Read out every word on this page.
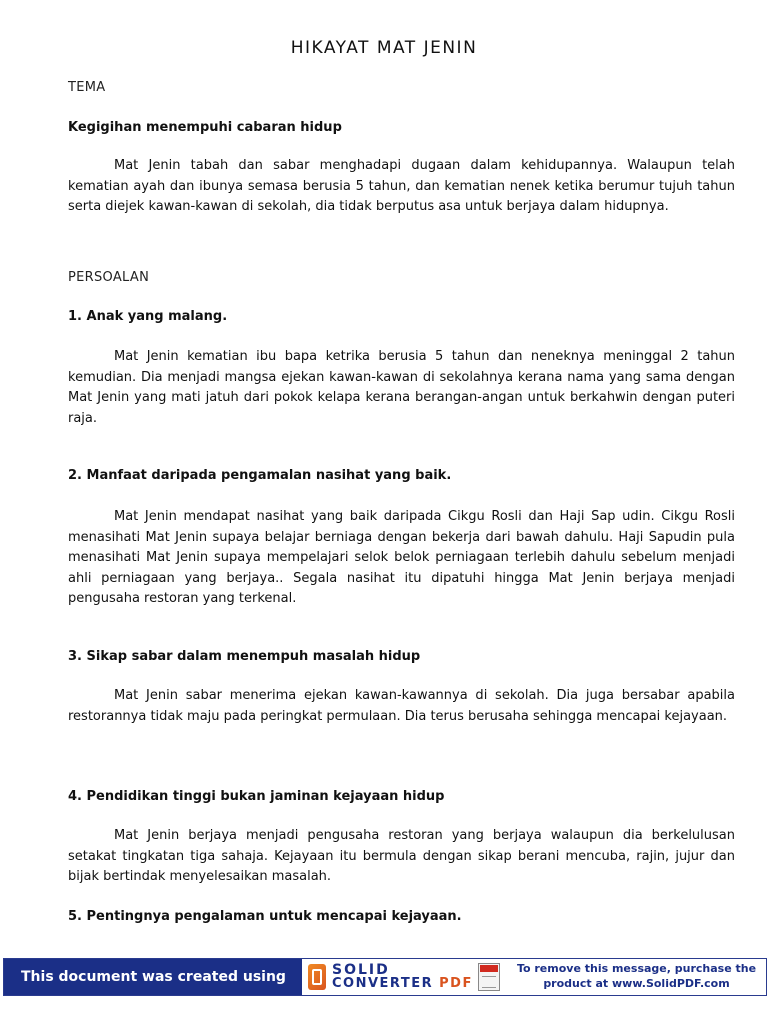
HIKAYAT MAT JENIN
TEMA
Kegigihan menempuhi cabaran hidup

Mat Jenin tabah dan sabar menghadapi dugaan dalam kehidupannya. Walaupun telah kematian ayah dan ibunya semasa berusia 5 tahun, dan kematian nenek ketika berumur tujuh tahun serta diejek kawan-kawan di sekolah, dia tidak berputus asa untuk berjaya dalam hidupnya.

PERSOALAN
1. Anak yang malang.

Mat Jenin kematian ibu bapa ketrika berusia 5 tahun dan neneknya meninggal 2 tahun kemudian. Dia menjadi mangsa ejekan kawan-kawan di sekolahnya kerana nama yang sama dengan Mat Jenin yang mati jatuh dari pokok kelapa kerana berangan-angan untuk berkahwin dengan puteri raja.

2. Manfaat daripada pengamalan nasihat yang baik.

Mat Jenin mendapat nasihat yang baik daripada Cikgu Rosli dan Haji Sap udin. Cikgu Rosli menasihati Mat Jenin supaya belajar berniaga dengan bekerja dari bawah dahulu. Haji Sapudin pula menasihati Mat Jenin supaya mempelajari selok belok perniagaan terlebih dahulu sebelum menjadi ahli perniagaan yang berjaya.. Segala nasihat itu dipatuhi hingga Mat Jenin berjaya menjadi pengusaha restoran yang terkenal.

3. Sikap sabar dalam menempuh masalah hidup

Mat Jenin sabar menerima ejekan kawan-kawannya di sekolah. Dia juga bersabar apabila restorannya tidak maju pada peringkat permulaan. Dia terus berusaha sehingga mencapai kejayaan.

4. Pendidikan tinggi bukan jaminan kejayaan hidup

Mat Jenin berjaya menjadi pengusaha restoran yang berjaya walaupun dia berkelulusan setakat tingkatan tiga sahaja. Kejayaan itu bermula dengan sikap berani mencuba, rajin, jujur dan bijak bertindak menyelesaikan masalah.

5. Pentingnya pengalaman untuk mencapai kejayaan.
This document was created using	SOLID
CONVERTER PDF
To remove this message, purchase the
product at www.SolidPDF.com
